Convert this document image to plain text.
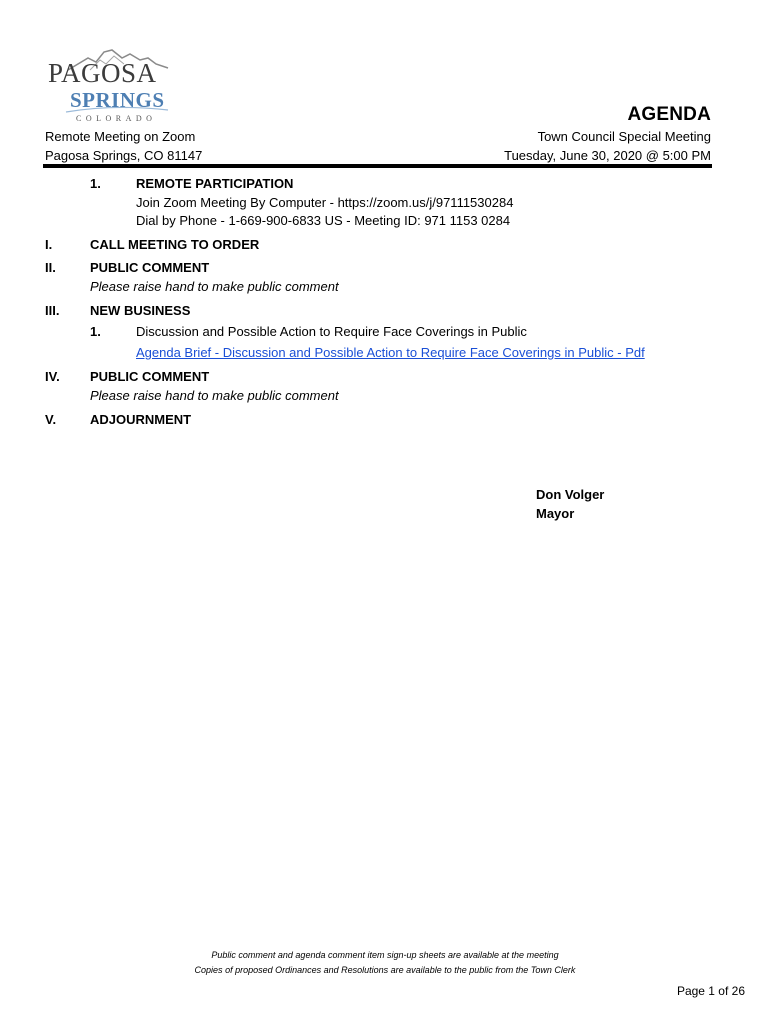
PAGOSA
SPRINGS
COLORADO	AGENDA
Remote Meeting on Zoom
Pagosa Springs, CO 81147
Town Council Special Meeting
Tuesday, June 30, 2020 @ 5:00 PM
1.	REMOTE PARTICIPATION
Join Zoom Meeting By Computer - https://zoom.us/j/97111530284
Dial by Phone - 1-669-900-6833 US - Meeting ID: 971 1153 0284
I.	CALL MEETING TO ORDER
II.	PUBLIC COMMENT
Please raise hand to make public comment
III. NEW BUSINESS
1.	Discussion and Possible Action to Require Face Coverings in Public
Agenda Brief - Discussion and Possible Action to Require Face Coverings in Public - Pdf
IV. PUBLIC COMMENT
Please raise hand to make public comment
V.	ADJOURNMENT
Don Volger
Mayor
Public comment and agenda comment item sign-up sheets are available at the meeting
Copies of proposed Ordinances and Resolutions are available to the public from the Town Clerk
Page 1 of 26
